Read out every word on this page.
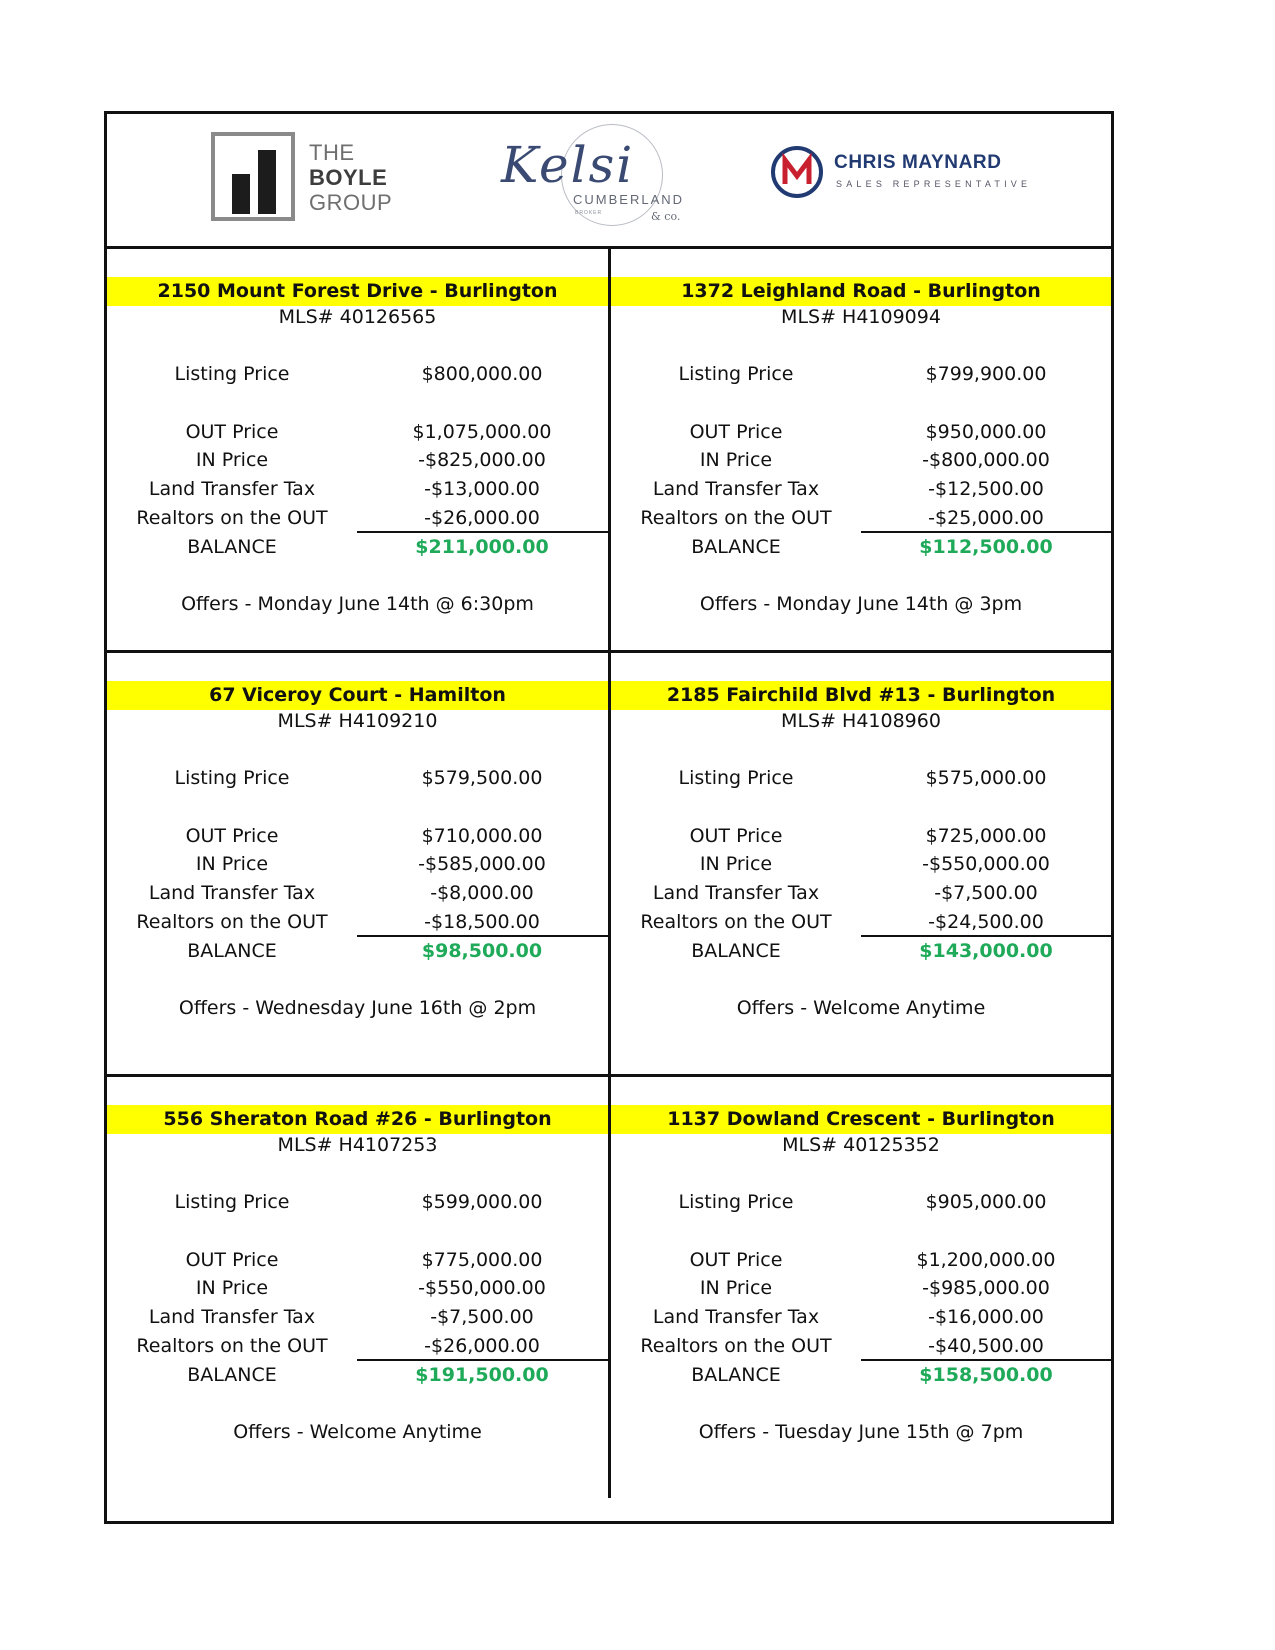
THE
BOYLE
GROUP
Kelsi
CUMBERLAND
BROKER	& co.
CHRIS MAYNARD
SALES REPRESENTATIVE
2150 Mount Forest Drive - Burlington
MLS# 40126565
Listing Price	$800,000.00
OUT Price	$1,075,000.00
IN Price	-$825,000.00
Land Transfer Tax	-$13,000.00
Realtors on the OUT	-$26,000.00
BALANCE	$211,000.00
Offers - Monday June 14th @ 6:30pm
1372 Leighland Road - Burlington
MLS# H4109094
Listing Price	$799,900.00
OUT Price	$950,000.00
IN Price	-$800,000.00
Land Transfer Tax	-$12,500.00
Realtors on the OUT	-$25,000.00
BALANCE	$112,500.00
Offers - Monday June 14th @ 3pm
67 Viceroy Court - Hamilton
MLS# H4109210
Listing Price	$579,500.00
OUT Price	$710,000.00
IN Price	-$585,000.00
Land Transfer Tax	-$8,000.00
Realtors on the OUT	-$18,500.00
BALANCE	$98,500.00
Offers - Wednesday June 16th @ 2pm
2185 Fairchild Blvd #13 - Burlington
MLS# H4108960
Listing Price	$575,000.00
OUT Price	$725,000.00
IN Price	-$550,000.00
Land Transfer Tax	-$7,500.00
Realtors on the OUT	-$24,500.00
BALANCE	$143,000.00
Offers - Welcome Anytime
556 Sheraton Road #26 - Burlington
MLS# H4107253
Listing Price	$599,000.00
OUT Price	$775,000.00
IN Price	-$550,000.00
Land Transfer Tax	-$7,500.00
Realtors on the OUT	-$26,000.00
BALANCE	$191,500.00
Offers - Welcome Anytime
1137 Dowland Crescent - Burlington
MLS# 40125352
Listing Price	$905,000.00
OUT Price	$1,200,000.00
IN Price	-$985,000.00
Land Transfer Tax	-$16,000.00
Realtors on the OUT	-$40,500.00
BALANCE	$158,500.00
Offers - Tuesday June 15th @ 7pm
